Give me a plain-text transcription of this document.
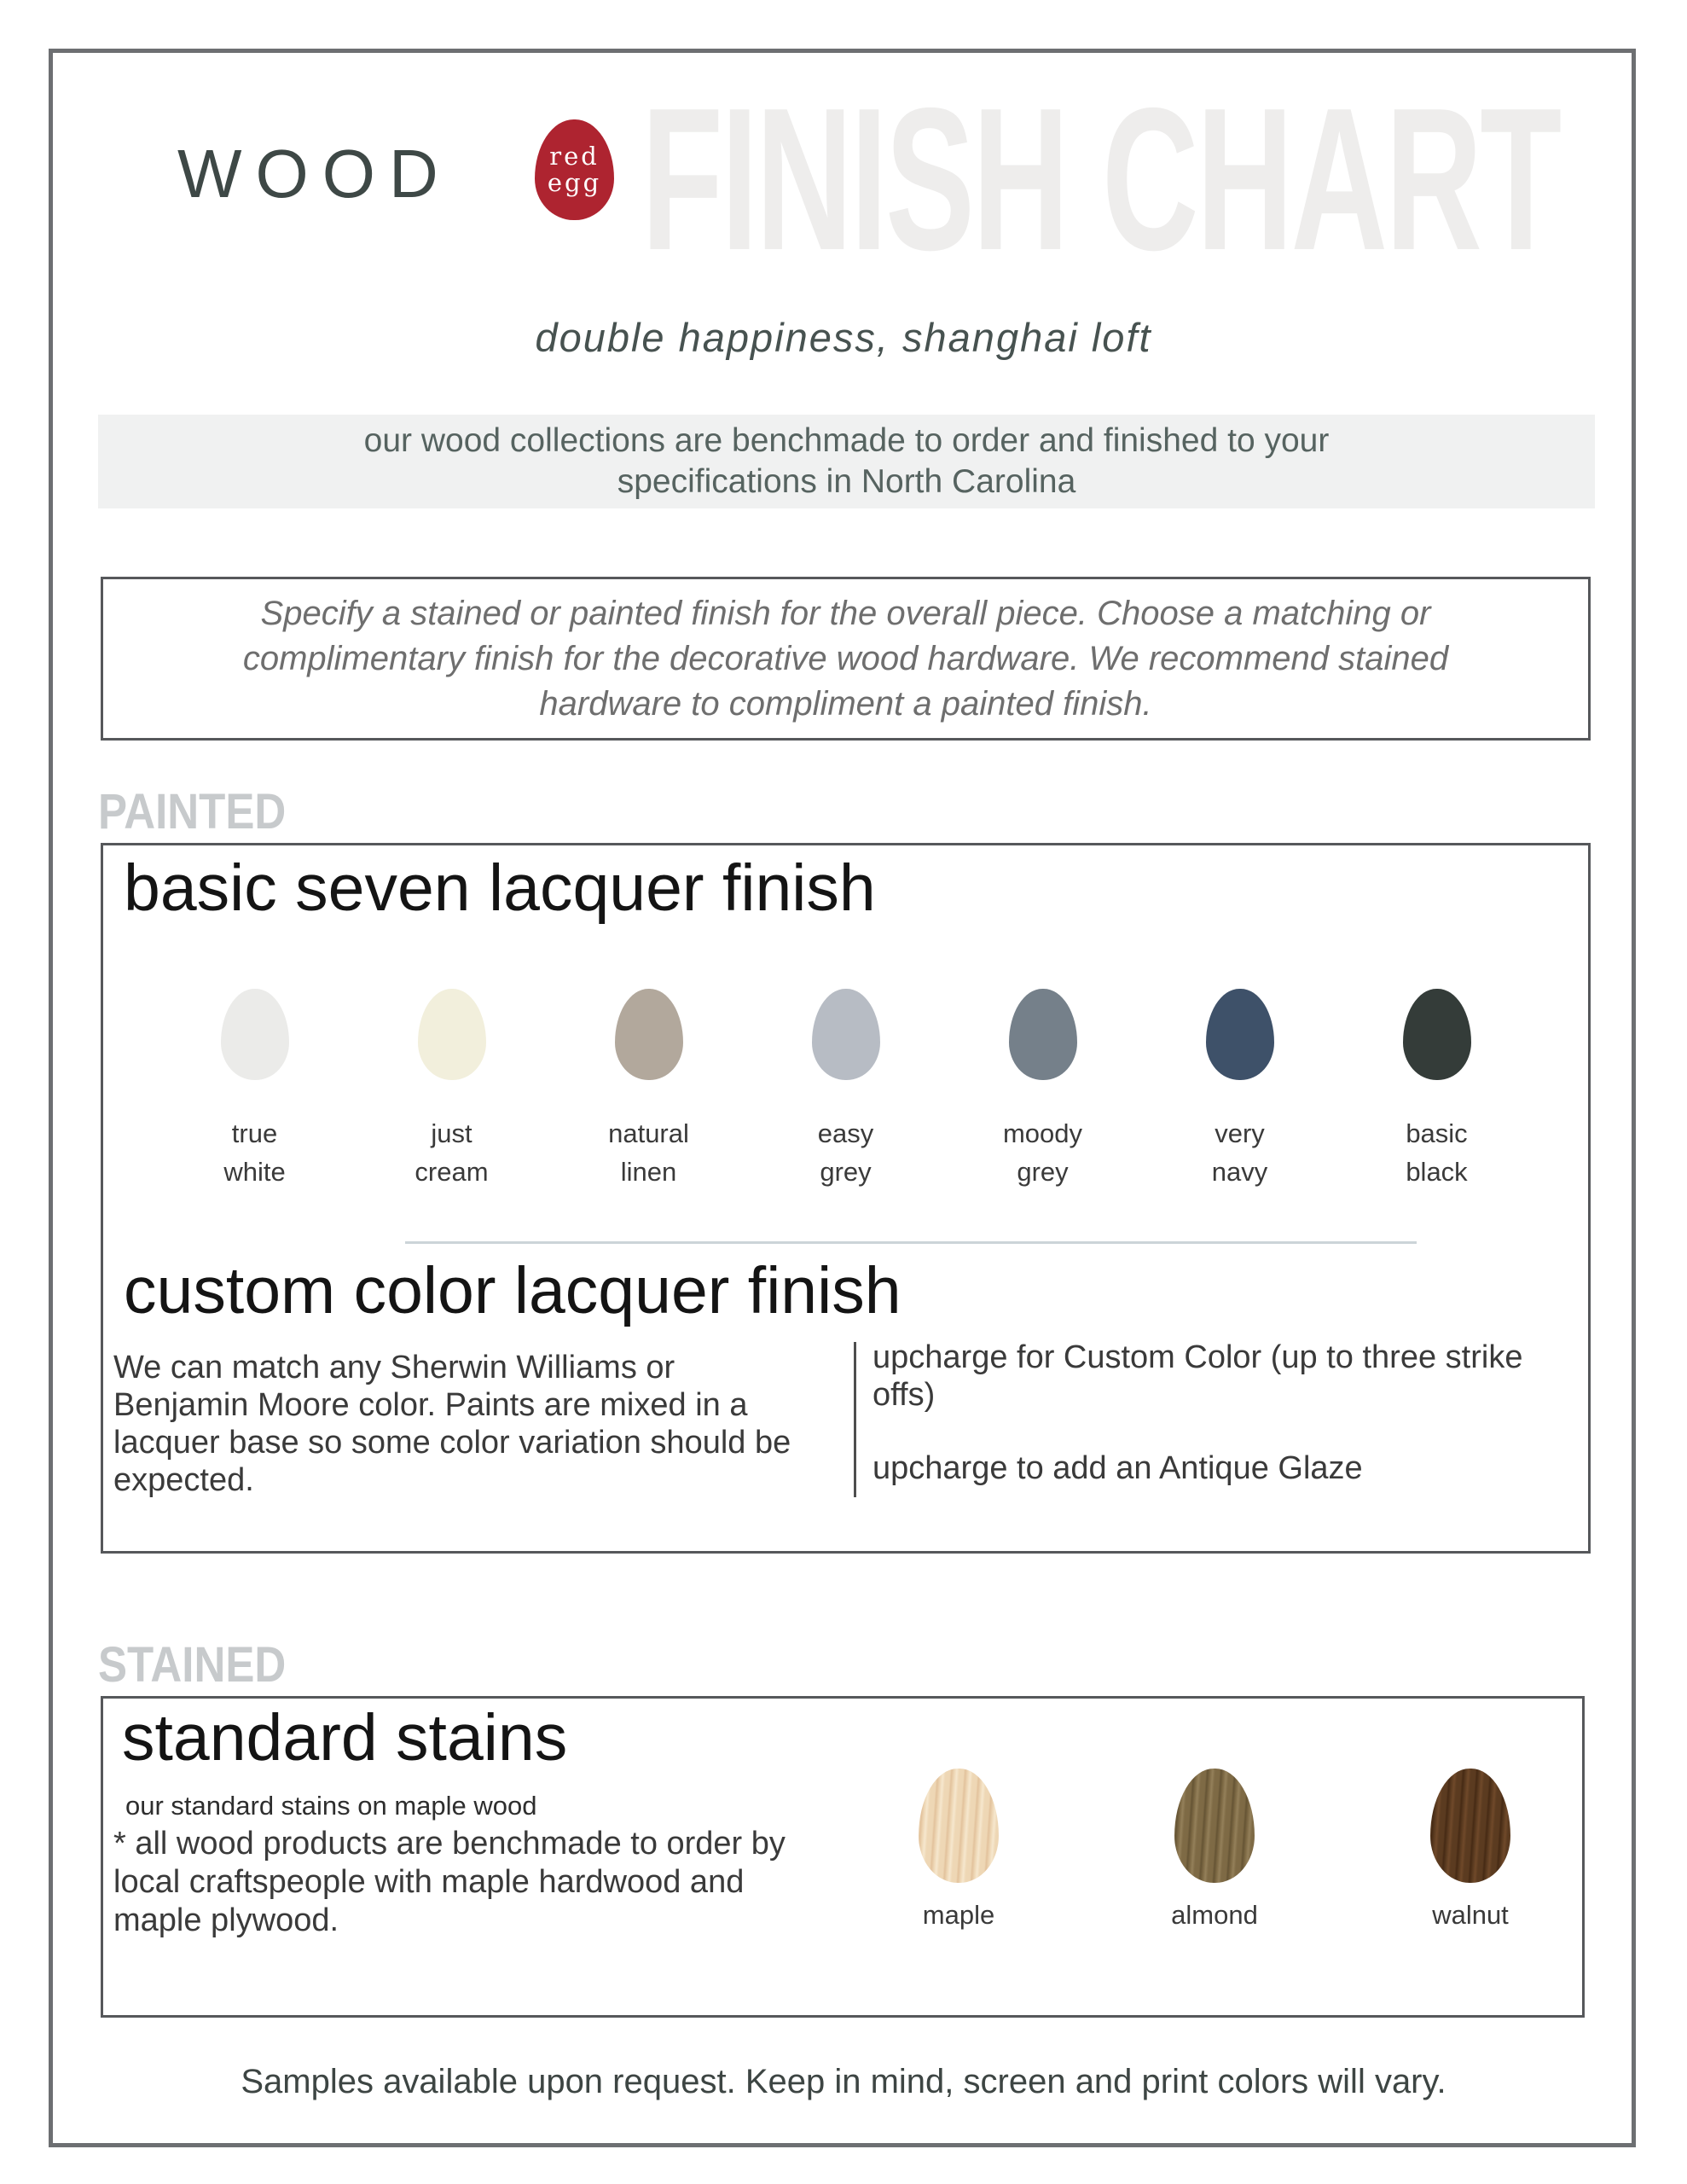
WOOD	red
egg FINISH CHART
double happiness, shanghai loft

our wood collections are benchmade to order and finished to your specifications in North Carolina

Specify a stained or painted finish for the overall piece. Choose a matching or complimentary finish for the decorative wood hardware. We recommend stained hardware to compliment a painted finish.

PAINTED
basic seven lacquer finish
true
white
just
cream
natural
linen
easy
grey
moody
grey
very
navy
basic
black
custom color lacquer finish

We can match any Sherwin Williams or Benjamin Moore color. Paints are mixed in a lacquer base so some color variation should be expected.

upcharge for Custom Color (up to three strike offs)

upcharge to add an Antique Glaze

STAINED
standard stains
our standard stains on maple wood

* all wood products are benchmade to order by local craftspeople with maple hardwood and maple plywood.	maple	almond	walnut
Samples available upon request. Keep in mind, screen and print colors will vary.
